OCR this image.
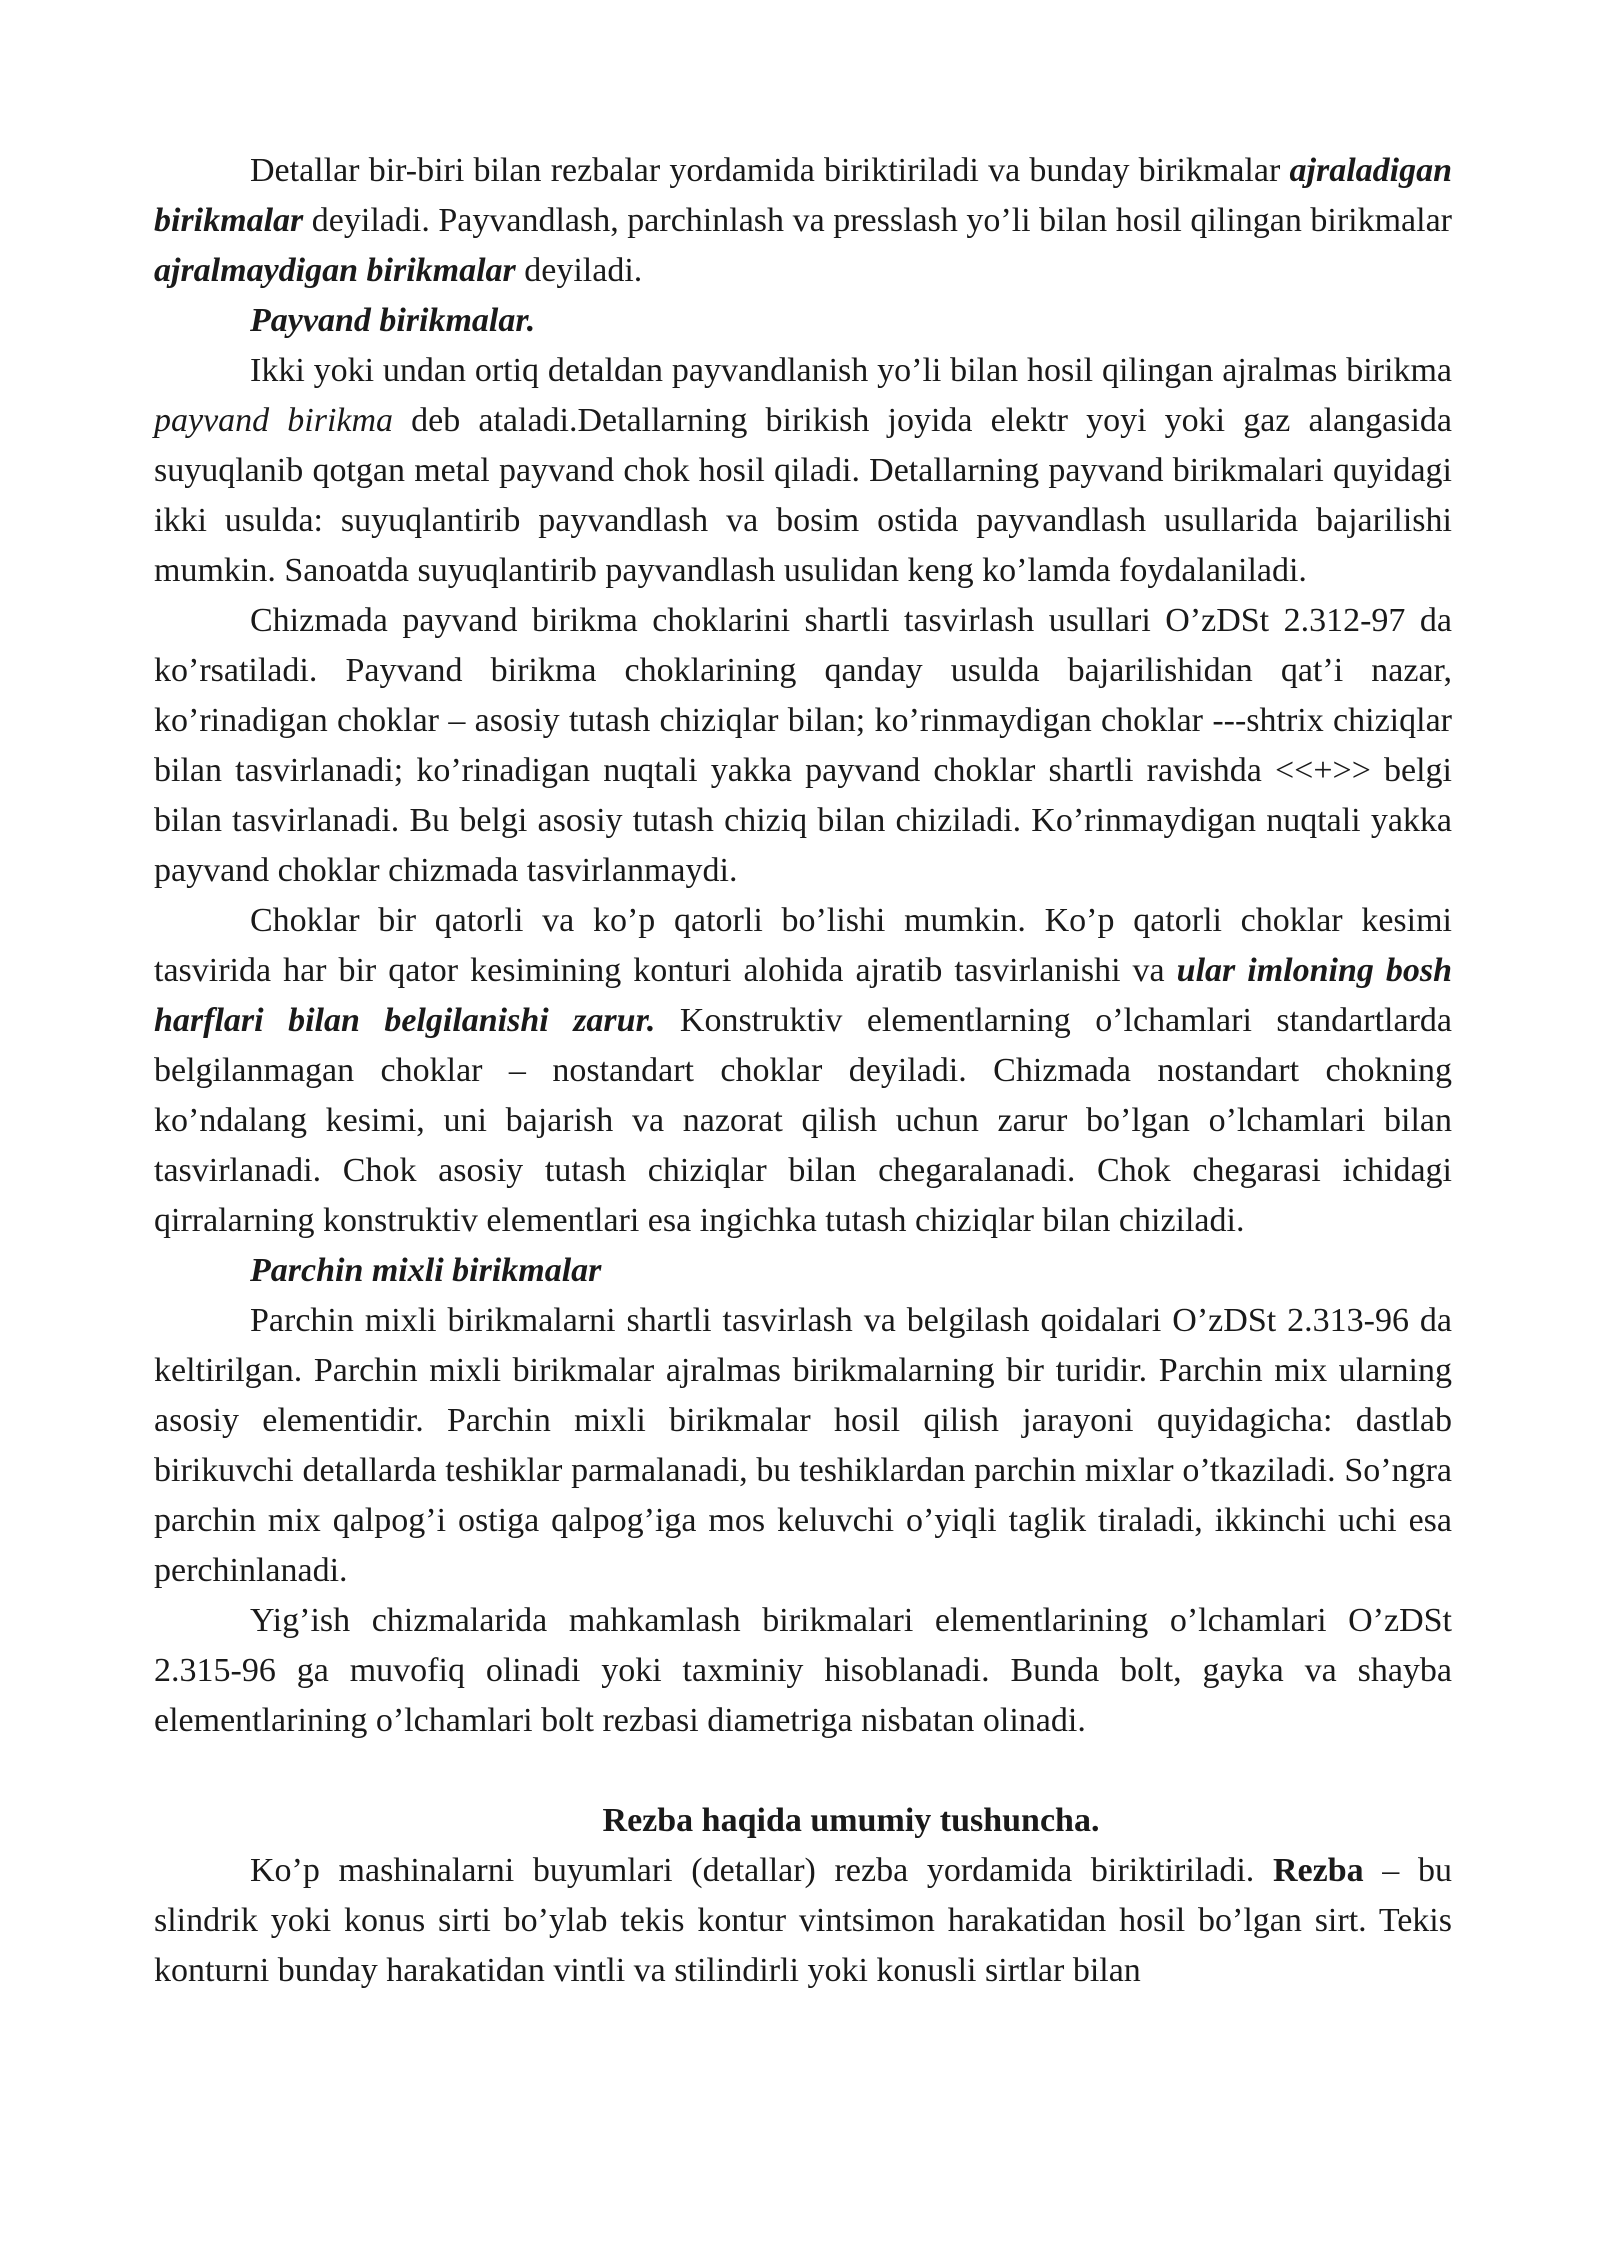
Detallar bir-biri bilan rezbalar yordamida biriktiriladi va bunday birikmalar ajraladigan birikmalar deyiladi. Payvandlash, parchinlash va presslash yo’li bilan hosil qilingan birikmalar ajralmaydigan birikmalar deyiladi.

Payvand birikmalar.

Ikki yoki undan ortiq detaldan payvandlanish yo’li bilan hosil qilingan ajralmas birikma payvand birikma deb ataladi.Detallarning birikish joyida elektr yoyi yoki gaz alangasida suyuqlanib qotgan metal payvand chok hosil qiladi. Detallarning payvand birikmalari quyidagi ikki usulda: suyuqlantirib payvandlash va bosim ostida payvandlash usullarida bajarilishi mumkin. Sanoatda suyuqlantirib payvandlash usulidan keng ko’lamda foydalaniladi.

Chizmada payvand birikma choklarini shartli tasvirlash usullari O’zDSt 2.312-97 da ko’rsatiladi. Payvand birikma choklarining qanday usulda bajarilishidan qat’i nazar, ko’rinadigan choklar – asosiy tutash chiziqlar bilan; ko’rinmaydigan choklar ---shtrix chiziqlar bilan tasvirlanadi; ko’rinadigan nuqtali yakka payvand choklar shartli ravishda <<+>> belgi bilan tasvirlanadi. Bu belgi asosiy tutash chiziq bilan chiziladi. Ko’rinmaydigan nuqtali yakka payvand choklar chizmada tasvirlanmaydi.

Choklar bir qatorli va ko’p qatorli bo’lishi mumkin. Ko’p qatorli choklar kesimi tasvirida har bir qator kesimining konturi alohida ajratib tasvirlanishi va ular imloning bosh harflari bilan belgilanishi zarur. Konstruktiv elementlarning o’lchamlari standartlarda belgilanmagan choklar – nostandart choklar deyiladi. Chizmada nostandart chokning ko’ndalang kesimi, uni bajarish va nazorat qilish uchun zarur bo’lgan o’lchamlari bilan tasvirlanadi. Chok asosiy tutash chiziqlar bilan chegaralanadi. Chok chegarasi ichidagi qirralarning konstruktiv elementlari esa ingichka tutash chiziqlar bilan chiziladi.

Parchin mixli birikmalar

Parchin mixli birikmalarni shartli tasvirlash va belgilash qoidalari O’zDSt 2.313-96 da keltirilgan. Parchin mixli birikmalar ajralmas birikmalarning bir turidir. Parchin mix ularning asosiy elementidir. Parchin mixli birikmalar hosil qilish jarayoni quyidagicha: dastlab birikuvchi detallarda teshiklar parmalanadi, bu teshiklardan parchin mixlar o’tkaziladi. So’ngra parchin mix qalpog’i ostiga qalpog’iga mos keluvchi o’yiqli taglik tiraladi, ikkinchi uchi esa perchinlanadi.

Yig’ish chizmalarida mahkamlash birikmalari elementlarining o’lchamlari O’zDSt 2.315-96 ga muvofiq olinadi yoki taxminiy hisoblanadi. Bunda bolt, gayka va shayba elementlarining o’lchamlari bolt rezbasi diametriga nisbatan olinadi.

Rezba haqida umumiy tushuncha.

Ko’p mashinalarni buyumlari (detallar) rezba yordamida biriktiriladi. Rezba – bu slindrik yoki konus sirti bo’ylab tekis kontur vintsimon harakatidan hosil bo’lgan sirt. Tekis konturni bunday harakatidan vintli va stilindirli yoki konusli sirtlar bilan
